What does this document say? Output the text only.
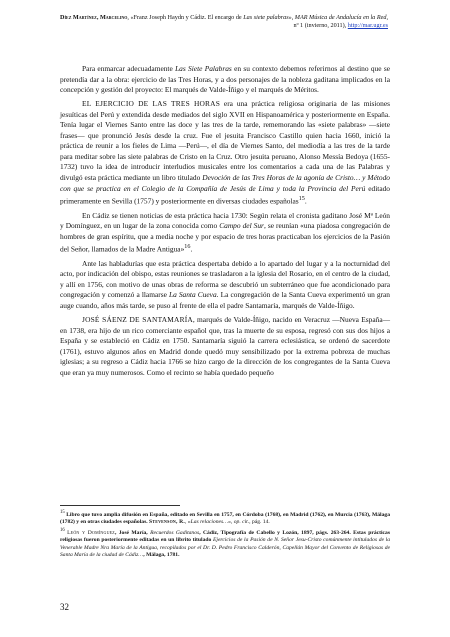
Díez Martínez, Marcelino, «Franz Joseph Haydn y Cádiz. El encargo de Las siete palabras», MAR Música de Andalucía en la Red, nº 1 (invierno, 2011), http://mar.ugr.es

Para enmarcar adecuadamente Las Siete Palabras en su contexto debemos referirnos al destino que se pretendía dar a la obra: ejercicio de las Tres Horas, y a dos personajes de la nobleza gaditana implicados en la concepción y gestión del proyecto: El marqués de Valde-Íñigo y el marqués de Méritos.

EL EJERCICIO DE LAS TRES HORAS era una práctica religiosa originaria de las misiones jesuíticas del Perú y extendida desde mediados del siglo XVII en Hispanoamérica y posteriormente en España. Tenía lugar el Viernes Santo entre las doce y las tres de la tarde, rememorando las «siete palabras» —siete frases— que pronunció Jesús desde la cruz. Fue el jesuita Francisco Castillo quien hacia 1660, inició la práctica de reunir a los fieles de Lima —Perú—, el día de Viernes Santo, del mediodía a las tres de la tarde para meditar sobre las siete palabras de Cristo en la Cruz. Otro jesuita peruano, Alonso Messía Bedoya (1655-1732) tuvo la idea de introducir interludios musicales entre los comentarios a cada una de las Palabras y divulgó esta práctica mediante un libro titulado Devoción de las Tres Horas de la agonía de Cristo… y Método con que se practica en el Colegio de la Compañía de Jesús de Lima y toda la Provincia del Perú editado primeramente en Sevilla (1757) y posteriormente en diversas ciudades españolas$^{15}$.

En Cádiz se tienen noticias de esta práctica hacia 1730: Según relata el cronista gaditano José Mª León y Domínguez, en un lugar de la zona conocida como Campo del Sur, se reunían «una piadosa congregación de hombres de gran espíritu, que a media noche y por espacio de tres horas practicaban los ejercicios de la Pasión del Señor, llamados de la Madre Antigua»$^{16}$.

Ante las habladurías que esta práctica despertaba debido a lo apartado del lugar y a la nocturnidad del acto, por indicación del obispo, estas reuniones se trasladaron a la iglesia del Rosario, en el centro de la ciudad, y allí en 1756, con motivo de unas obras de reforma se descubrió un subterráneo que fue acondicionado para congregación y comenzó a llamarse La Santa Cueva. La congregación de la Santa Cueva experimentó un gran auge cuando, años más tarde, se puso al frente de ella el padre Santamaría, marqués de Valde-Íñigo.

JOSÉ SÁENZ DE SANTAMARÍA, marqués de Valde-Íñigo, nacido en Veracruz —Nueva España— en 1738, era hijo de un rico comerciante español que, tras la muerte de su esposa, regresó con sus dos hijos a España y se estableció en Cádiz en 1750. Santamaría siguió la carrera eclesiástica, se ordenó de sacerdote (1761), estuvo algunos años en Madrid donde quedó muy sensibilizado por la extrema pobreza de muchas iglesias; a su regreso a Cádiz hacia 1766 se hizo cargo de la dirección de los congregantes de la Santa Cueva que eran ya muy numerosos. Como el recinto se había quedado pequeño

$^{15}$ Libro que tuvo amplia difusión en España, editado en Sevilla en 1757, en Córdoba (1768), en Madrid (1762), en Murcia (1763), Málaga (1782) y en otras ciudades españolas. Stevenson, R., «Las relaciones…», op. cit., pág. 14.

$^{16}$ León y Domínguez, José María, Recuerdos Gaditanos, Cádiz, Tipografía de Cabello y Lozón, 1897, págs. 263-264. Estas prácticas religiosas fueron posteriormente editadas en un librito titulado Ejercicios de la Pasión de N. Señor Jesu-Cristo comúnmente intitulados de la Venerable Madre Nra María de la Antigua, recopilados por el Dr. D. Pedro Francisco Calderón, Capellán Mayor del Convento de Religiosas de Santa María de la ciudad de Cádiz…, Málaga, 1781.

32
